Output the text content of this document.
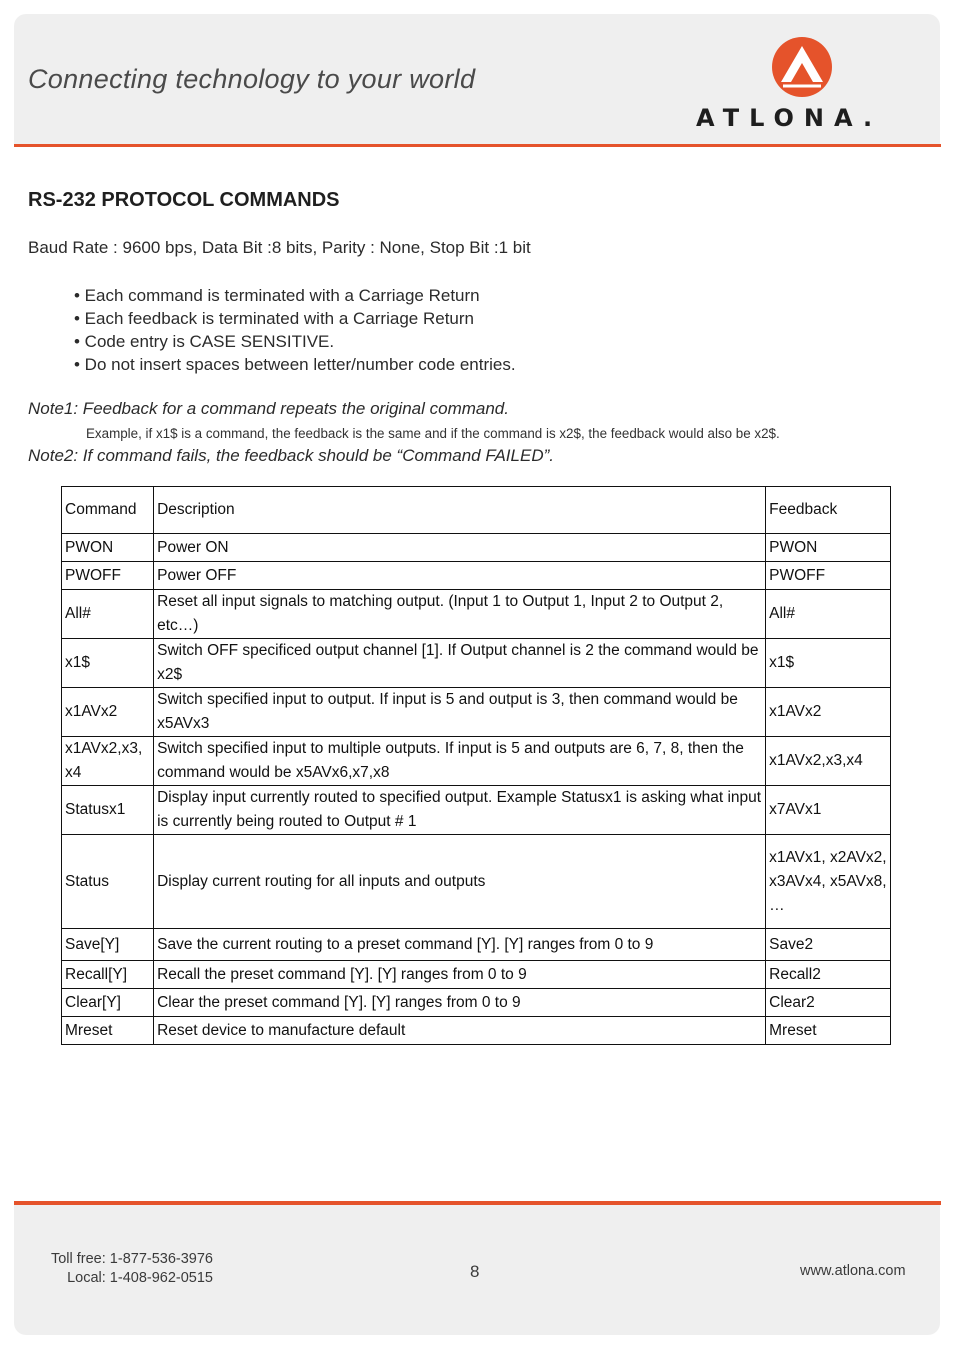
Connecting technology to your world
ATLONA.
RS-232 PROTOCOL COMMANDS
Baud Rate : 9600 bps, Data Bit :8 bits, Parity : None, Stop Bit :1 bit
• Each command is terminated with a Carriage Return
• Each feedback is terminated with a Carriage Return
• Code entry is CASE SENSITIVE.
• Do not insert spaces between letter/number code entries.
Note1: Feedback for a command repeats the original command.
Example, if x1$ is a command, the feedback is the same and if the command is x2$, the feedback would also be x2$.
Note2: If command fails, the feedback should be “Command FAILED”.
Command	Description	Feedback
PWON	Power ON	PWON
PWOFF	Power OFF	PWOFF
All#	Reset all input signals to matching output. (Input 1 to Output 1, Input 2 to Output 2, etc…)	All#
x1$	Switch OFF specificed output channel [1]. If Output channel is 2 the command would be x2$	x1$
x1AVx2	Switch specified input to output. If input is 5 and output is 3, then command would be x5AVx3	x1AVx2
x1AVx2,x3, x4	Switch specified input to multiple outputs. If input is 5 and outputs are 6, 7, 8, then the command would be x5AVx6,x7,x8	x1AVx2,x3,x4
Statusx1	Display input currently routed to specified output. Example Statusx1 is asking what input is currently being routed to Output # 1	x7AVx1
Status	Display current routing for all inputs and outputs	x1AVx1, x2AVx2, x3AVx4, x5AVx8, …
Save[Y]	Save the current routing to a preset command [Y]. [Y] ranges from 0 to 9	Save2
Recall[Y]	Recall the preset command [Y]. [Y] ranges from 0 to 9	Recall2
Clear[Y]	Clear the preset command [Y]. [Y] ranges from 0 to 9	Clear2
Mreset	Reset device to manufacture default	Mreset
Toll free: 1-877-536-3976
Local: 1-408-962-0515	8	www.atlona.com
